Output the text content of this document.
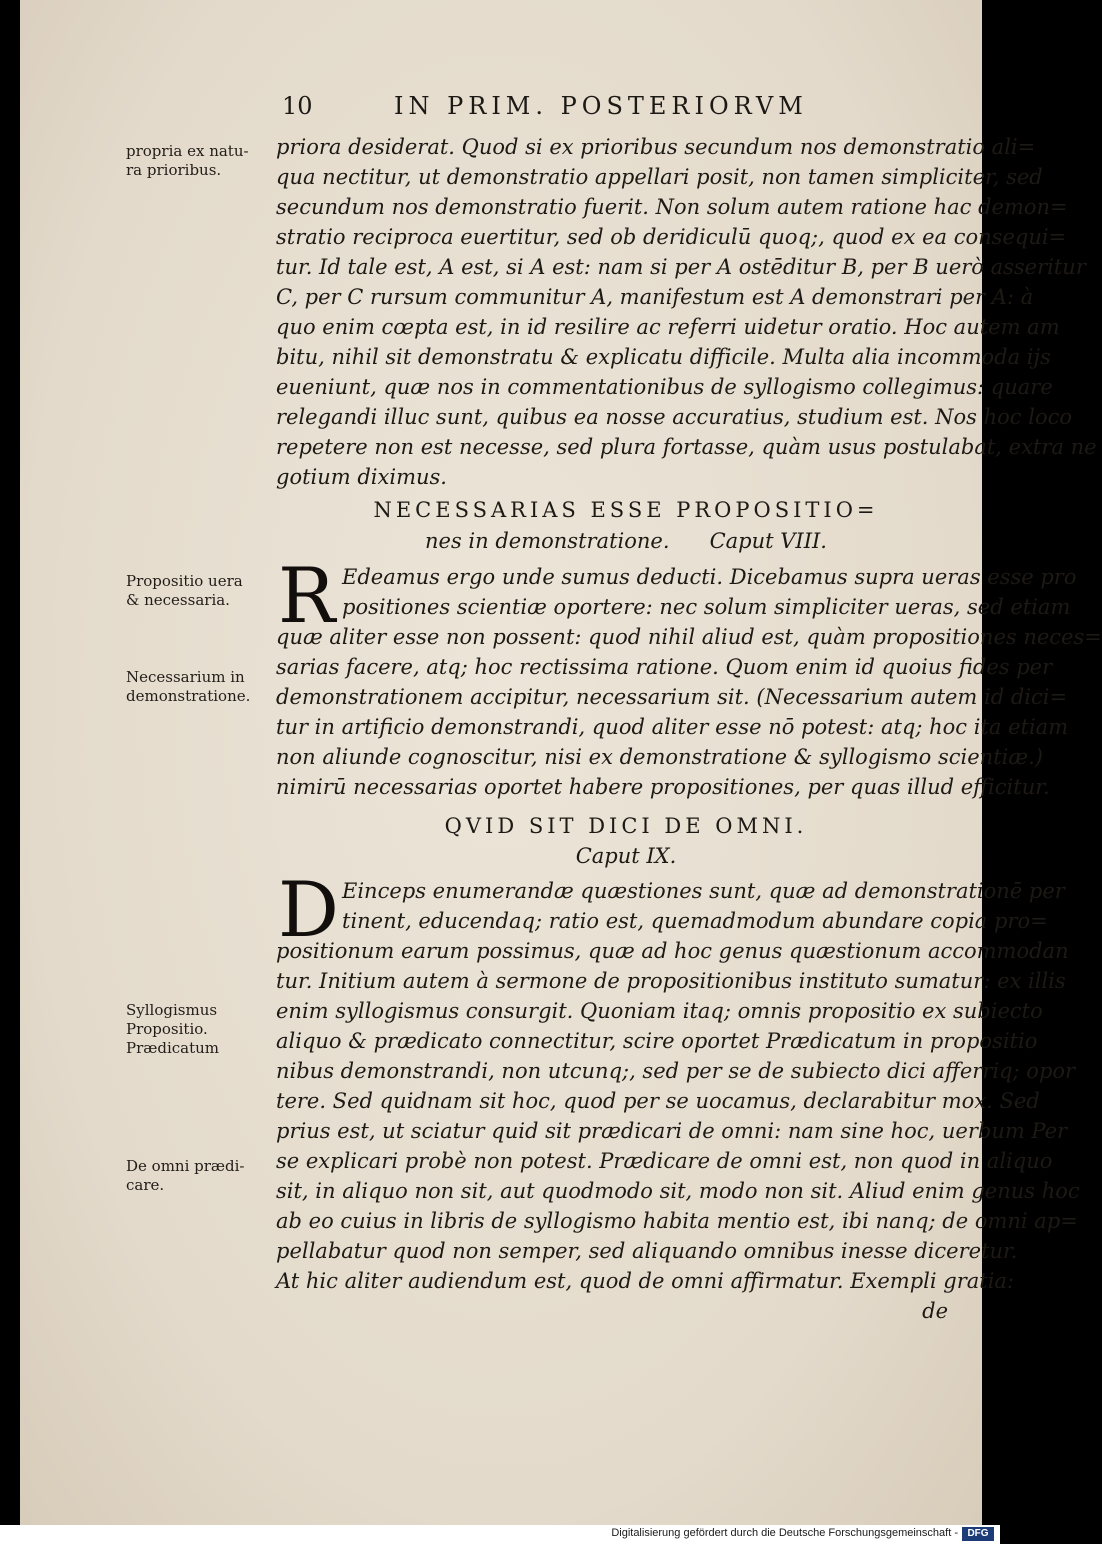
10	IN PRIM. POSTERIORVM
propria ex natu-
ra prioribus.
Propositio uera
& necessaria.
Necessarium in
demonstratione.
Syllogismus
Propositio.
Prædicatum
De omni prædi-
care.
priora desiderat. Quod si ex prioribus secundum nos demonstratio ali=
qua nectitur, ut demonstratio appellari posit, non tamen simpliciter, sed
secundum nos demonstratio fuerit. Non solum autem ratione hac demon=
stratio reciproca euertitur, sed ob deridiculū quoq;, quod ex ea consequi=
tur. Id tale est, A est, si A est: nam si per A ostēditur B, per B uerò asseritur
C, per C rursum communitur A, manifestum est A demonstrari per A: à
quo enim cœpta est, in id resilire ac referri uidetur oratio. Hoc autem am
bitu, nihil sit demonstratu & explicatu difficile. Multa alia incommoda ijs
eueniunt, quæ nos in commentationibus de syllogismo collegimus: quare
relegandi illuc sunt, quibus ea nosse accuratius, studium est. Nos hoc loco
repetere non est necesse, sed plura fortasse, quàm usus postulabat, extra ne
gotium diximus.
NECESSARIAS ESSE PROPOSITIO=
nes in demonstratione. Caput VIII.
R Edeamus ergo unde sumus deducti. Dicebamus supra ueras esse pro
positiones scientiæ oportere: nec solum simpliciter ueras, sed etiam
quæ aliter esse non possent: quod nihil aliud est, quàm propositiones neces=
sarias facere, atq; hoc rectissima ratione. Quom enim id quoius fides per
demonstrationem accipitur, necessarium sit. (Necessarium autem id dici=
tur in artificio demonstrandi, quod aliter esse nō potest: atq; hoc ita etiam
non aliunde cognoscitur, nisi ex demonstratione & syllogismo scientiæ.)
nimirū necessarias oportet habere propositiones, per quas illud efficitur.
QVID SIT DICI DE OMNI.
Caput IX.
D Einceps enumerandæ quæstiones sunt, quæ ad demonstrationē per
tinent, educendaq; ratio est, quemadmodum abundare copia pro=
positionum earum possimus, quæ ad hoc genus quæstionum accommodan
tur. Initium autem à sermone de propositionibus instituto sumatur: ex illis
enim syllogismus consurgit. Quoniam itaq; omnis propositio ex subiecto
aliquo & prædicato connectitur, scire oportet Prædicatum in propositio
nibus demonstrandi, non utcunq;, sed per se de subiecto dici afferriq; opor
tere. Sed quidnam sit hoc, quod per se uocamus, declarabitur mox. Sed
prius est, ut sciatur quid sit prædicari de omni: nam sine hoc, uerbum Per
se explicari probè non potest. Prædicare de omni est, non quod in aliquo
sit, in aliquo non sit, aut quodmodo sit, modo non sit. Aliud enim genus hoc
ab eo cuius in libris de syllogismo habita mentio est, ibi nanq; de omni ap=
pellabatur quod non semper, sed aliquando omnibus inesse diceretur.
At hic aliter audiendum est, quod de omni affirmatur. Exempli gratia:
de
Digitalisierung gefördert durch die Deutsche Forschungsgemeinschaft - DFG
